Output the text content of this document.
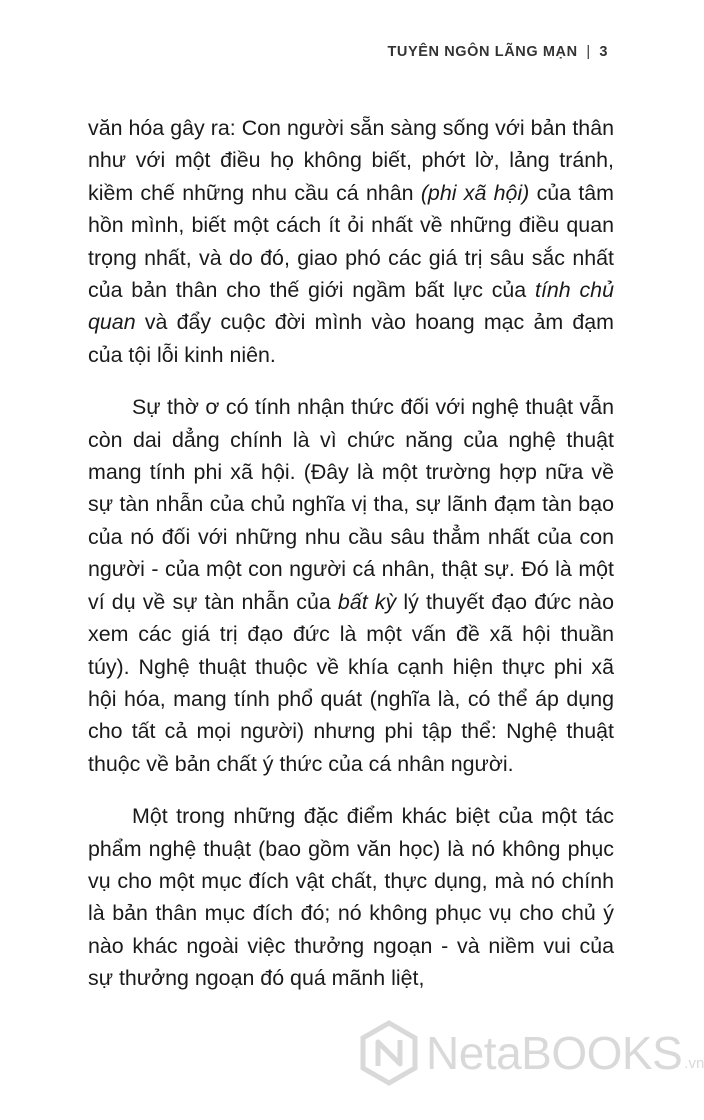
TUYÊN NGÔN LÃNG MẠN | 3

văn hóa gây ra: Con người sẵn sàng sống với bản thân như với một điều họ không biết, phớt lờ, lảng tránh, kiềm chế những nhu cầu cá nhân (phi xã hội) của tâm hồn mình, biết một cách ít ỏi nhất về những điều quan trọng nhất, và do đó, giao phó các giá trị sâu sắc nhất của bản thân cho thế giới ngầm bất lực của tính chủ quan và đẩy cuộc đời mình vào hoang mạc ảm đạm của tội lỗi kinh niên.

Sự thờ ơ có tính nhận thức đối với nghệ thuật vẫn còn dai dẳng chính là vì chức năng của nghệ thuật mang tính phi xã hội. (Đây là một trường hợp nữa về sự tàn nhẫn của chủ nghĩa vị tha, sự lãnh đạm tàn bạo của nó đối với những nhu cầu sâu thẳm nhất của con người - của một con người cá nhân, thật sự. Đó là một ví dụ về sự tàn nhẫn của bất kỳ lý thuyết đạo đức nào xem các giá trị đạo đức là một vấn đề xã hội thuần túy). Nghệ thuật thuộc về khía cạnh hiện thực phi xã hội hóa, mang tính phổ quát (nghĩa là, có thể áp dụng cho tất cả mọi người) nhưng phi tập thể: Nghệ thuật thuộc về bản chất ý thức của cá nhân người.

Một trong những đặc điểm khác biệt của một tác phẩm nghệ thuật (bao gồm văn học) là nó không phục vụ cho một mục đích vật chất, thực dụng, mà nó chính là bản thân mục đích đó; nó không phục vụ cho chủ ý nào khác ngoài việc thưởng ngoạn - và niềm vui của sự thưởng ngoạn đó quá mãnh liệt,

NetaBOOKS .vn
